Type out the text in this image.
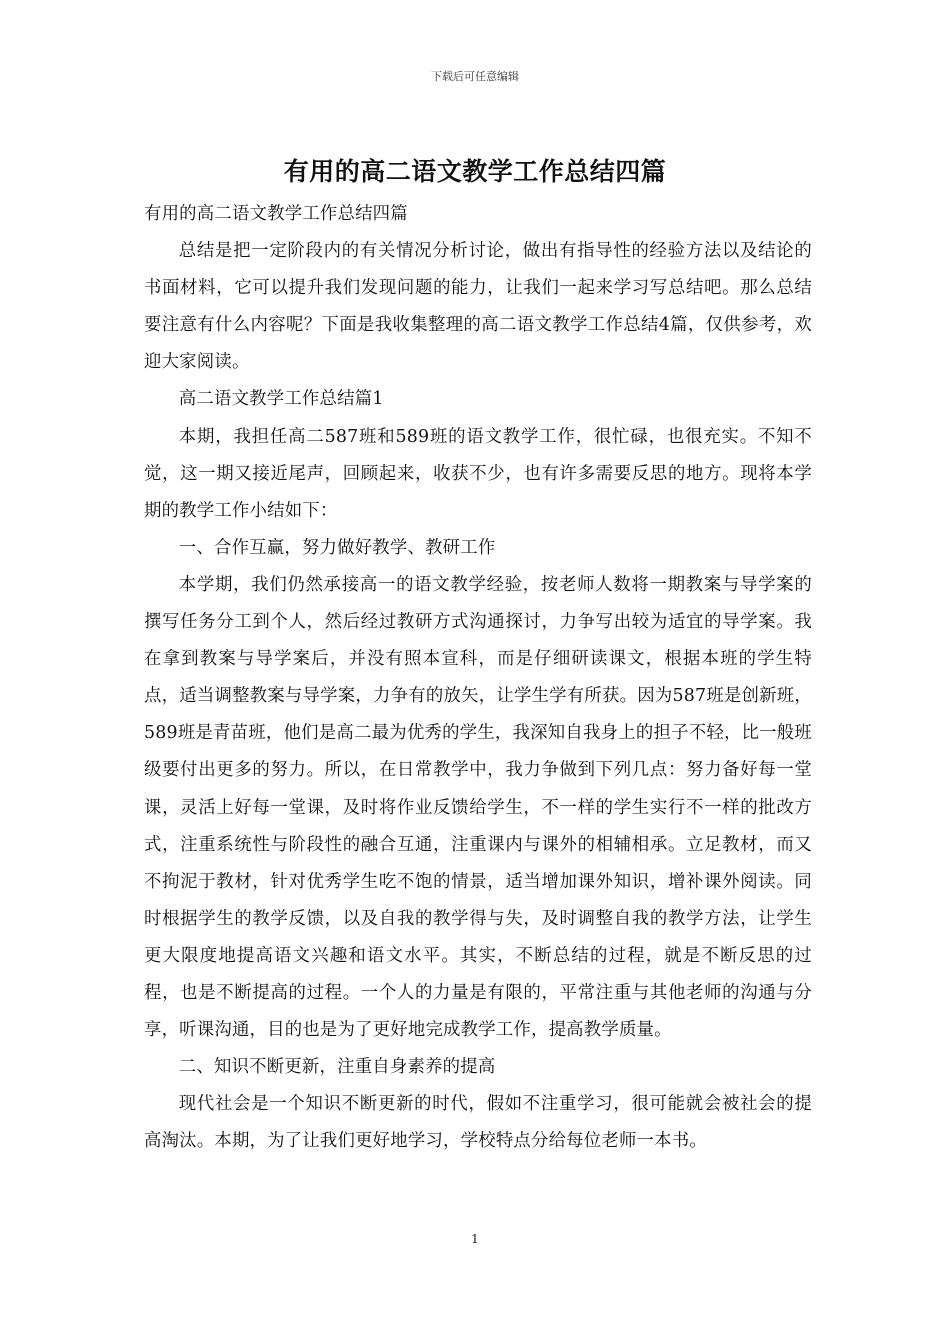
下载后可任意编辑
有用的高二语文教学工作总结四篇

有用的高二语文教学工作总结四篇

总结是把一定阶段内的有关情况分析讨论，做出有指导性的经验方法以及结论的书面材料，它可以提升我们发现问题的能力，让我们一起来学习写总结吧。那么总结要注意有什么内容呢？下面是我收集整理的高二语文教学工作总结4篇，仅供参考，欢迎大家阅读。

高二语文教学工作总结篇1

本期，我担任高二587班和589班的语文教学工作，很忙碌，也很充实。不知不觉，这一期又接近尾声，回顾起来，收获不少，也有许多需要反思的地方。现将本学期的教学工作小结如下：

一、合作互赢，努力做好教学、教研工作

本学期，我们仍然承接高一的语文教学经验，按老师人数将一期教案与导学案的撰写任务分工到个人，然后经过教研方式沟通探讨，力争写出较为适宜的导学案。我在拿到教案与导学案后，并没有照本宣科，而是仔细研读课文，根据本班的学生特点，适当调整教案与导学案，力争有的放矢，让学生学有所获。因为587班是创新班，589班是青苗班，他们是高二最为优秀的学生，我深知自我身上的担子不轻，比一般班级要付出更多的努力。所以，在日常教学中，我力争做到下列几点：努力备好每一堂课，灵活上好每一堂课，及时将作业反馈给学生，不一样的学生实行不一样的批改方式，注重系统性与阶段性的融合互通，注重课内与课外的相辅相承。立足教材，而又不拘泥于教材，针对优秀学生吃不饱的情景，适当增加课外知识，增补课外阅读。同时根据学生的教学反馈，以及自我的教学得与失，及时调整自我的教学方法，让学生更大限度地提高语文兴趣和语文水平。其实，不断总结的过程，就是不断反思的过程，也是不断提高的过程。一个人的力量是有限的，平常注重与其他老师的沟通与分享，听课沟通，目的也是为了更好地完成教学工作，提高教学质量。

二、知识不断更新，注重自身素养的提高

现代社会是一个知识不断更新的时代，假如不注重学习，很可能就会被社会的提高淘汰。本期，为了让我们更好地学习，学校特点分给每位老师一本书。

1
